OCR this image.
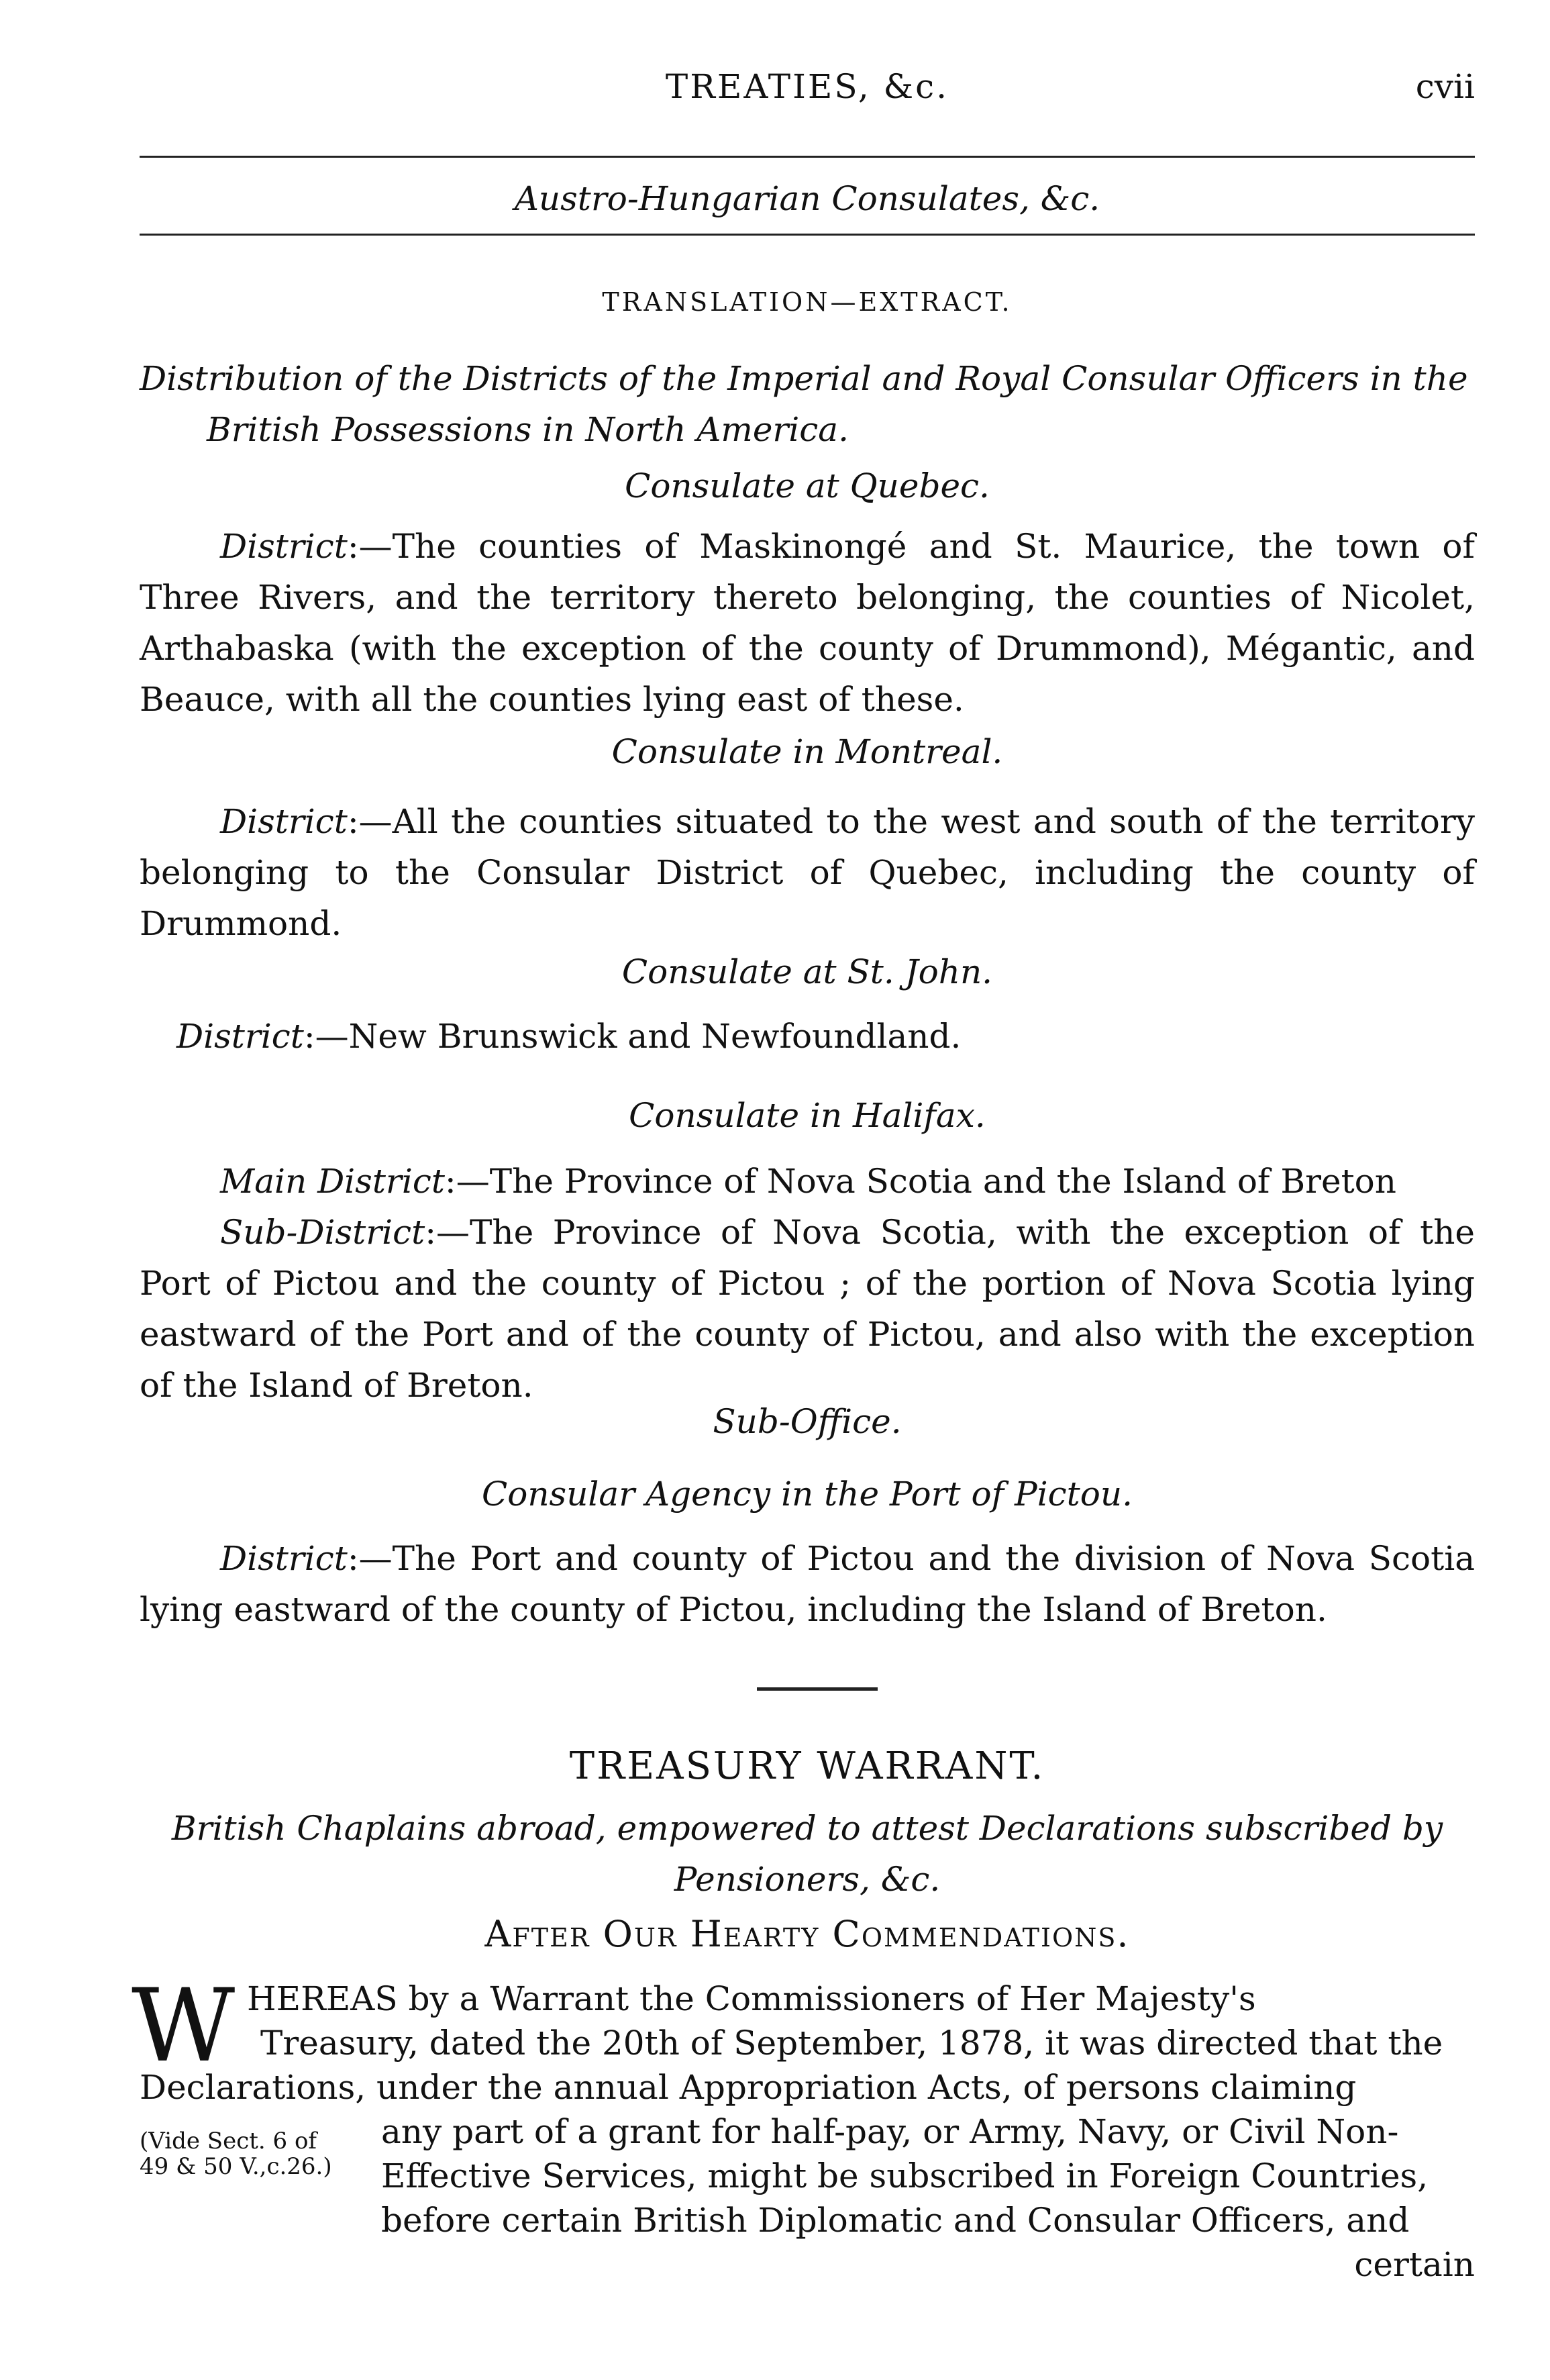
TREATIES, &c.	cvii
Austro-Hungarian Consulates, &c.
TRANSLATION—EXTRACT.
Distribution of the Districts of the Imperial and Royal Consular Officers in the British Possessions in North America.
Consulate at Quebec.

District:—The counties of Maskinongé and St. Maurice, the town of Three Rivers, and the territory thereto belonging, the counties of Nicolet, Arthabaska (with the exception of the county of Drummond), Mégantic, and Beauce, with all the counties lying east of these.

Consulate in Montreal.

District:—All the counties situated to the west and south of the territory belonging to the Consular District of Quebec, including the county of Drummond.

Consulate at St. John.

District:—New Brunswick and Newfoundland.

Consulate in Halifax.

Main District:—The Province of Nova Scotia and the Island of Breton

Sub-District:—The Province of Nova Scotia, with the exception of the Port of Pictou and the county of Pictou ; of the portion of Nova Scotia lying eastward of the Port and of the county of Pictou, and also with the exception of the Island of Breton.

Sub-Office.
Consular Agency in the Port of Pictou.

District:—The Port and county of Pictou and the division of Nova Scotia lying eastward of the county of Pictou, including the Island of Breton.

TREASURY WARRANT.
British Chaplains abroad, empowered to attest Declarations subscribed by Pensioners, &c.
After Our Hearty Commendations.
W HEREAS by a Warrant the Commissioners of Her Majesty's
Treasury, dated the 20th of September, 1878, it was directed that the
Declarations, under the annual Appropriation Acts, of persons claiming
any part of a grant for half-pay, or Army, Navy, or Civil Non-
(Vide Sect. 6 of
49 & 50 V.,c.26.)	Effective Services, might be subscribed in Foreign Countries,
before certain British Diplomatic and Consular Officers, and
certain
